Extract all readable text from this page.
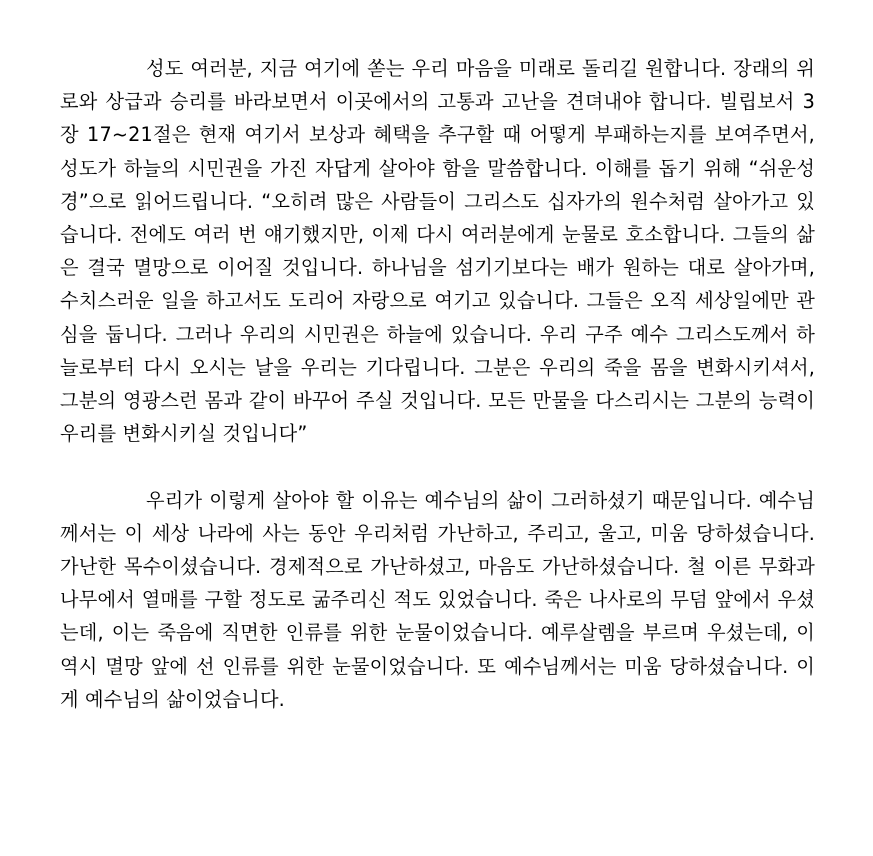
성도 여러분, 지금 여기에 쏟는 우리 마음을 미래로 돌리길 원합니다. 장래의 위로와 상급과 승리를 바라보면서 이곳에서의 고통과 고난을 견뎌내야 합니다. 빌립보서 3장 17~21절은 현재 여기서 보상과 혜택을 추구할 때 어떻게 부패하는지를 보여주면서, 성도가 하늘의 시민권을 가진 자답게 살아야 함을 말씀합니다. 이해를 돕기 위해 “쉬운성경”으로 읽어드립니다. “오히려 많은 사람들이 그리스도 십자가의 원수처럼 살아가고 있습니다. 전에도 여러 번 얘기했지만, 이제 다시 여러분에게 눈물로 호소합니다. 그들의 삶은 결국 멸망으로 이어질 것입니다. 하나님을 섬기기보다는 배가 원하는 대로 살아가며, 수치스러운 일을 하고서도 도리어 자랑으로 여기고 있습니다. 그들은 오직 세상일에만 관심을 둡니다. 그러나 우리의 시민권은 하늘에 있습니다. 우리 구주 예수 그리스도께서 하늘로부터 다시 오시는 날을 우리는 기다립니다. 그분은 우리의 죽을 몸을 변화시키셔서, 그분의 영광스런 몸과 같이 바꾸어 주실 것입니다. 모든 만물을 다스리시는 그분의 능력이 우리를 변화시키실 것입니다”

우리가 이렇게 살아야 할 이유는 예수님의 삶이 그러하셨기 때문입니다. 예수님께서는 이 세상 나라에 사는 동안 우리처럼 가난하고, 주리고, 울고, 미움 당하셨습니다. 가난한 목수이셨습니다. 경제적으로 가난하셨고, 마음도 가난하셨습니다. 철 이른 무화과나무에서 열매를 구할 정도로 굶주리신 적도 있었습니다. 죽은 나사로의 무덤 앞에서 우셨는데, 이는 죽음에 직면한 인류를 위한 눈물이었습니다. 예루살렘을 부르며 우셨는데, 이 역시 멸망 앞에 선 인류를 위한 눈물이었습니다. 또 예수님께서는 미움 당하셨습니다. 이게 예수님의 삶이었습니다.
